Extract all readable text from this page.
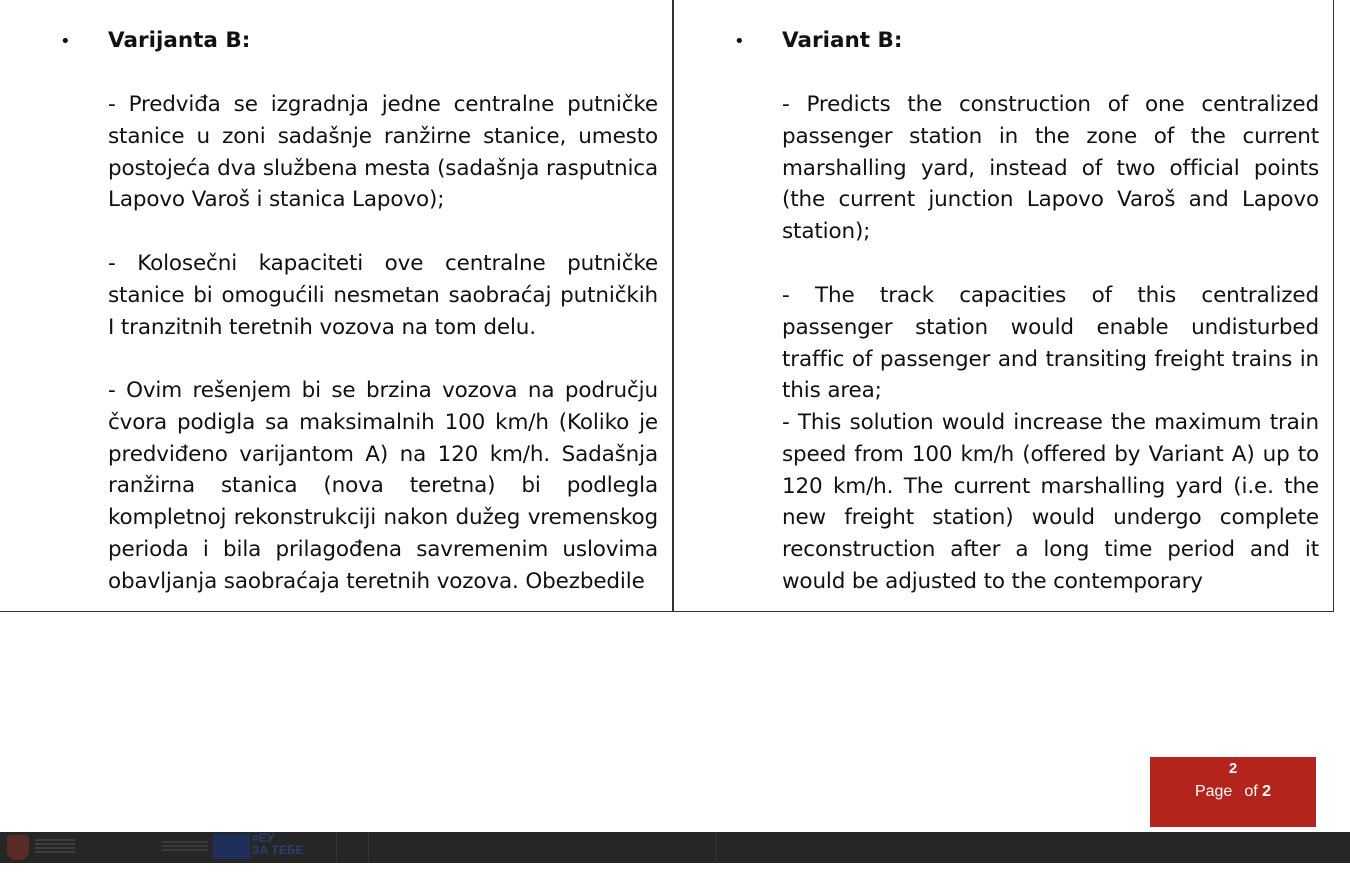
• Varijanta B:
- Predviđa se izgradnja jedne centralne putničke stanice u zoni sadašnje ranžirne stanice, umesto postojeća dva službena mesta (sadašnja rasputnica Lapovo Varoš i stanica Lapovo);
- Kolosečni kapaciteti ove centralne putničke stanice bi omogućili nesmetan saobraćaj putničkih I tranzitnih teretnih vozova na tom delu.
- Ovim rešenjem bi se brzina vozova na području čvora podigla sa maksimalnih 100 km/h (Koliko je predviđeno varijantom A) na 120 km/h. Sadašnja ranžirna stanica (nova teretna) bi podlegla kompletnoj rekonstrukciji nakon dužeg vremenskog perioda i bila prilagođena savremenim uslovima obavljanja saobraćaja teretnih vozova. Obezbedile
• Variant B:
- Predicts the construction of one centralized passenger station in the zone of the current marshalling yard, instead of two official points (the current junction Lapovo Varoš and Lapovo station);
- The track capacities of this centralized passenger station would enable undisturbed traffic of passenger and transiting freight trains in this area;
- This solution would increase the maximum train speed from 100 km/h (offered by Variant A) up to 120 km/h. The current marshalling yard (i.e. the new freight station) would undergo complete reconstruction after a long time period and it would be adjusted to the contemporary
2
Page of 2
#ЕУ
ЗА ТЕБЕ
